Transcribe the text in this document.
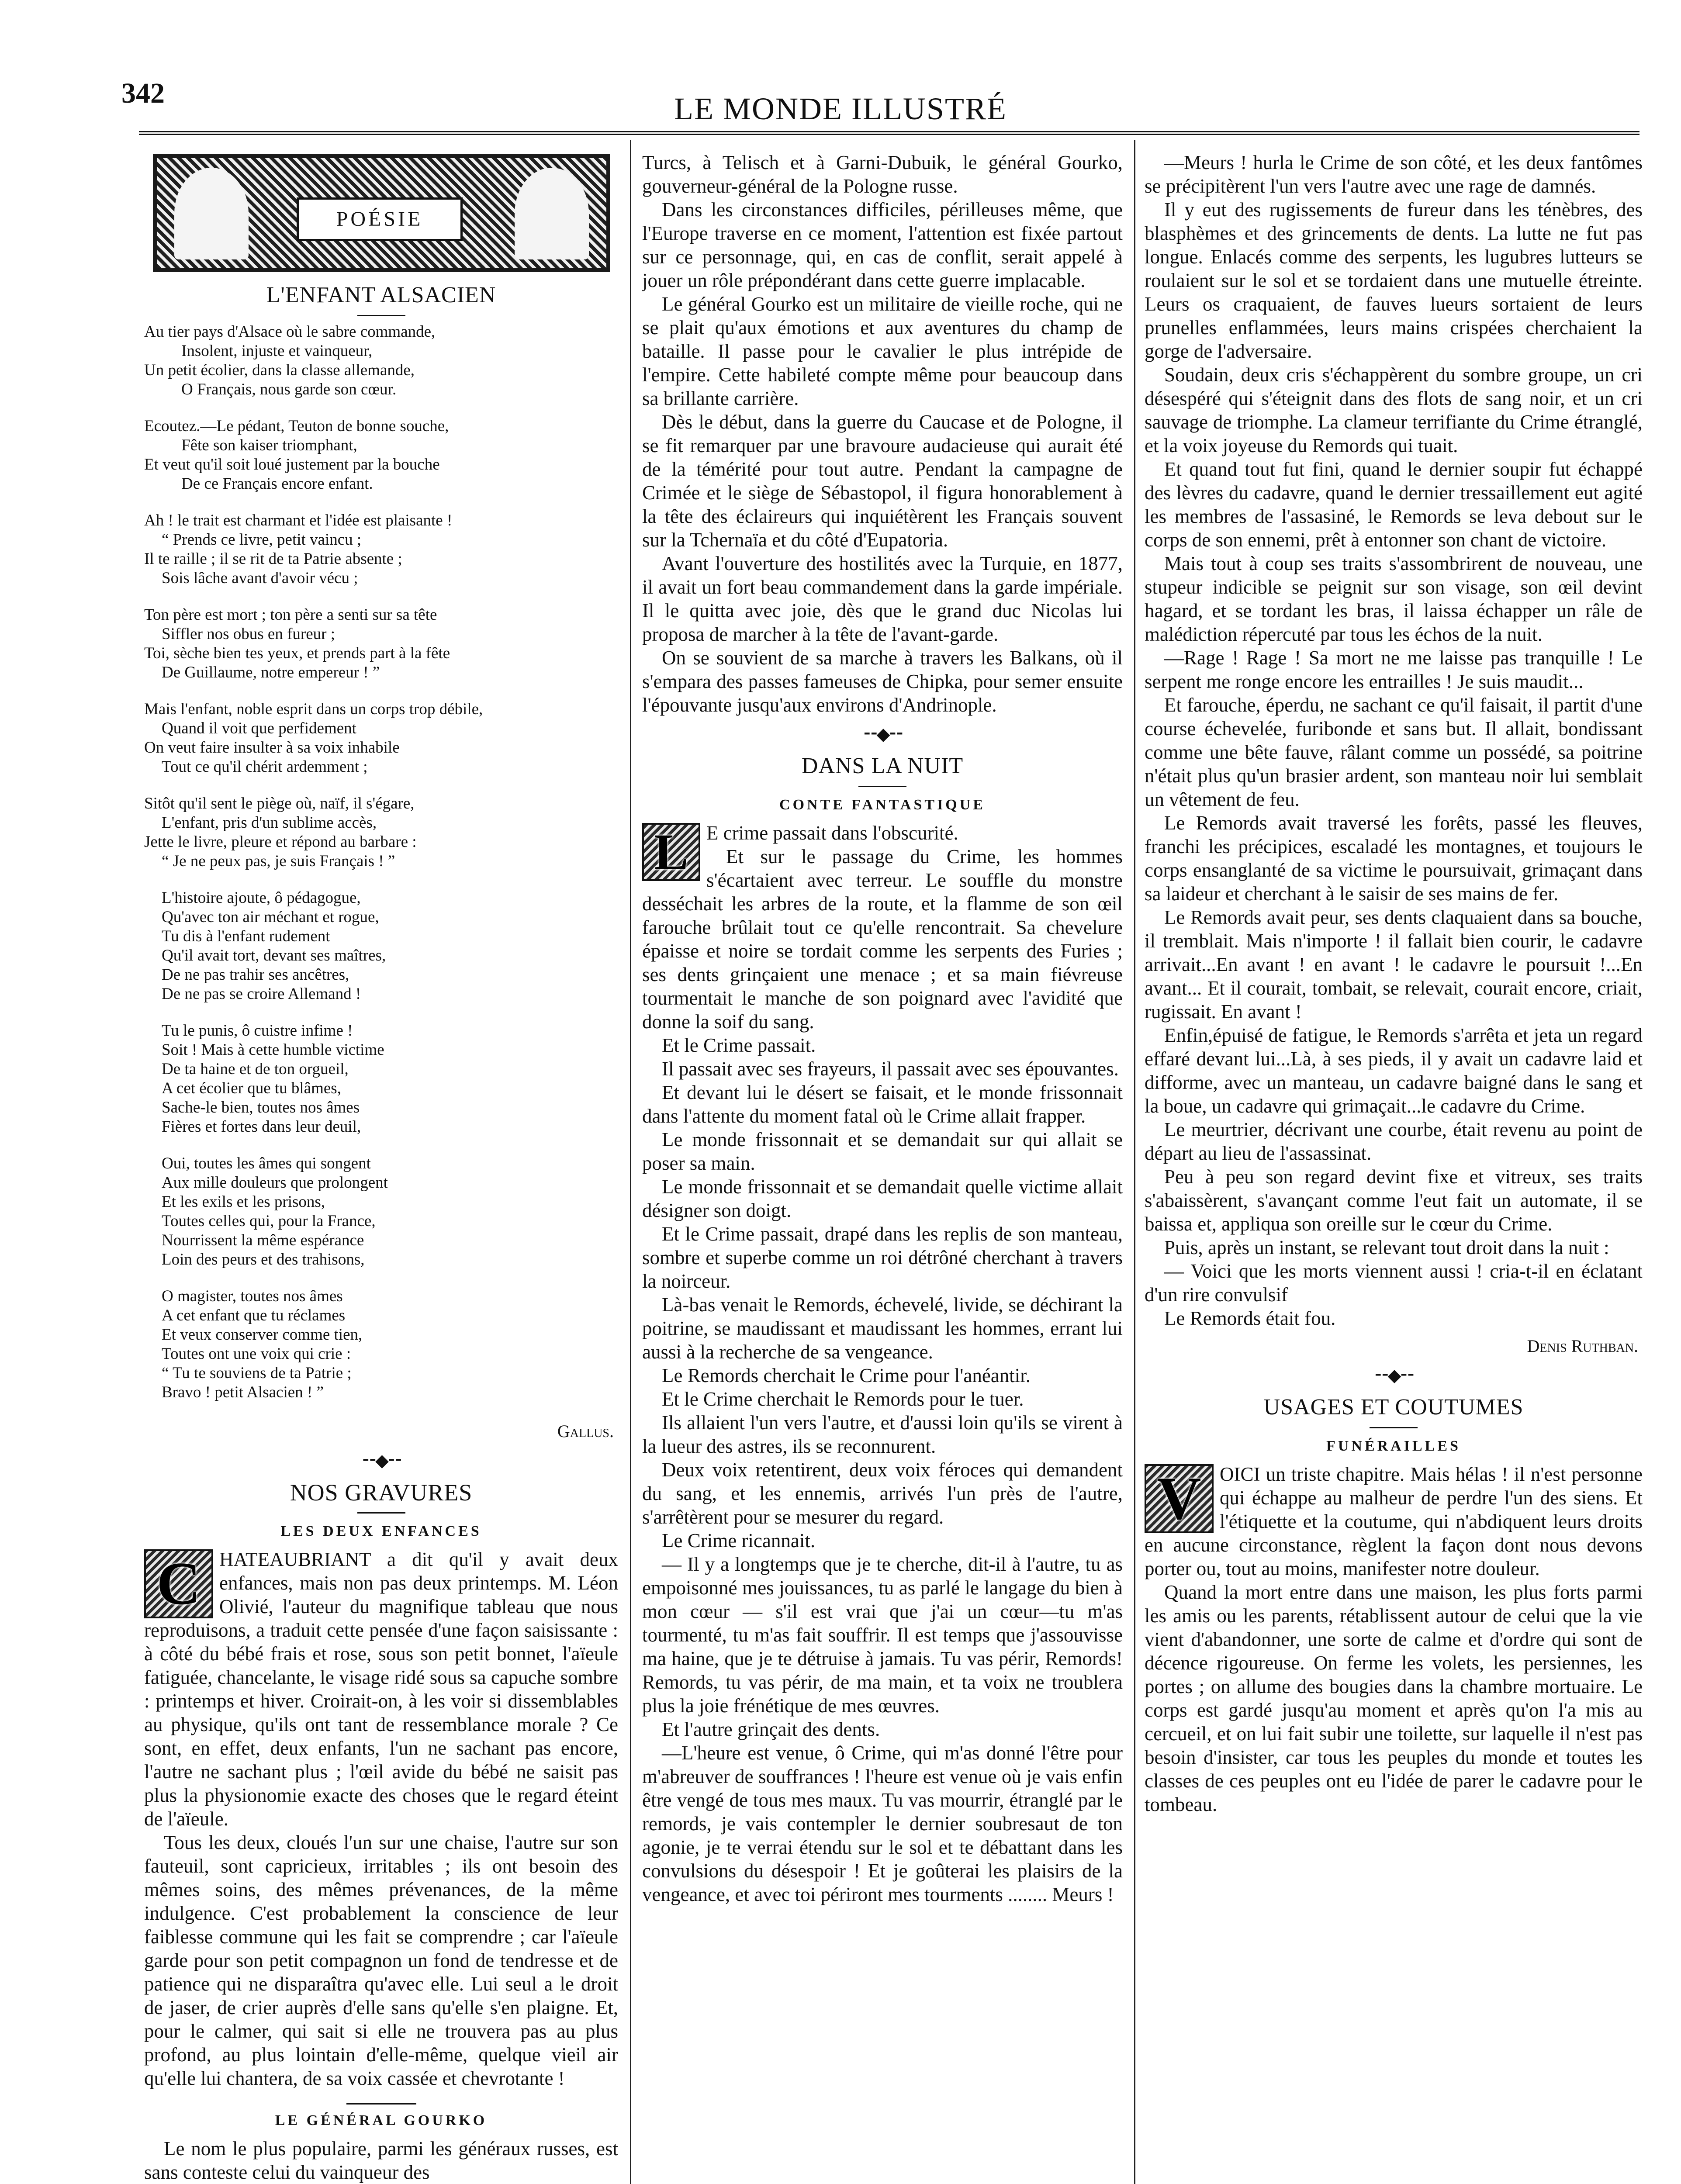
342	LE MONDE ILLUSTRÉ
POÉSIE
L'ENFANT ALSACIEN

Au tier pays d'Alsace où le sabre commande,

Insolent, injuste et vainqueur,

Un petit écolier, dans la classe allemande,

O Français, nous garde son cœur.

Ecoutez.—Le pédant, Teuton de bonne souche,

Fête son kaiser triomphant,

Et veut qu'il soit loué justement par la bouche

De ce Français encore enfant.

Ah ! le trait est charmant et l'idée est plaisante !

“ Prends ce livre, petit vaincu ;

Il te raille ; il se rit de ta Patrie absente ;

Sois lâche avant d'avoir vécu ;

Ton père est mort ; ton père a senti sur sa tête

Siffler nos obus en fureur ;

Toi, sèche bien tes yeux, et prends part à la fête

De Guillaume, notre empereur ! ”

Mais l'enfant, noble esprit dans un corps trop débile,

Quand il voit que perfidement

On veut faire insulter à sa voix inhabile

Tout ce qu'il chérit ardemment ;

Sitôt qu'il sent le piège où, naïf, il s'égare,

L'enfant, pris d'un sublime accès,

Jette le livre, pleure et répond au barbare :

“ Je ne peux pas, je suis Français ! ”

L'histoire ajoute, ô pédagogue,

Qu'avec ton air méchant et rogue,

Tu dis à l'enfant rudement

Qu'il avait tort, devant ses maîtres,

De ne pas trahir ses ancêtres,

De ne pas se croire Allemand !

Tu le punis, ô cuistre infime !

Soit ! Mais à cette humble victime

De ta haine et de ton orgueil,

A cet écolier que tu blâmes,

Sache-le bien, toutes nos âmes

Fières et fortes dans leur deuil,

Oui, toutes les âmes qui songent

Aux mille douleurs que prolongent

Et les exils et les prisons,

Toutes celles qui, pour la France,

Nourrissent la même espérance

Loin des peurs et des trahisons,

O magister, toutes nos âmes

A cet enfant que tu réclames

Et veux conserver comme tien,

Toutes ont une voix qui crie :

“ Tu te souviens de ta Patrie ;

Bravo ! petit Alsacien ! ”

Gallus.
⁃⁃◆⁃⁃
NOS GRAVURES
LES DEUX ENFANCES
C HATEAUBRIANT a dit qu'il y avait deux enfances, mais non pas deux printemps. M. Léon Olivié, l'auteur du magnifique tableau que nous reproduisons, a traduit cette pensée d'une façon saisissante : à côté du bébé frais et rose, sous son petit bonnet, l'aïeule fatiguée, chancelante, le visage ridé sous sa capuche sombre : printemps et hiver. Croirait-on, à les voir si dissemblables au physique, qu'ils ont tant de ressemblance morale ? Ce sont, en effet, deux enfants, l'un ne sachant pas encore, l'autre ne sachant plus ; l'œil avide du bébé ne saisit pas plus la physionomie exacte des choses que le regard éteint de l'aïeule.

Tous les deux, cloués l'un sur une chaise, l'autre sur son fauteuil, sont capricieux, irritables ; ils ont besoin des mêmes soins, des mêmes prévenances, de la même indulgence. C'est probablement la conscience de leur faiblesse commune qui les fait se comprendre ; car l'aïeule garde pour son petit compagnon un fond de tendresse et de patience qui ne disparaîtra qu'avec elle. Lui seul a le droit de jaser, de crier auprès d'elle sans qu'elle s'en plaigne. Et, pour le calmer, qui sait si elle ne trouvera pas au plus profond, au plus lointain d'elle-même, quelque vieil air qu'elle lui chantera, de sa voix cassée et chevrotante !

LE GÉNÉRAL GOURKO

Le nom le plus populaire, parmi les généraux russes, est sans conteste celui du vainqueur des

Turcs, à Telisch et à Garni-Dubuik, le général Gourko, gouverneur-général de la Pologne russe.

Dans les circonstances difficiles, périlleuses même, que l'Europe traverse en ce moment, l'attention est fixée partout sur ce personnage, qui, en cas de conflit, serait appelé à jouer un rôle prépondérant dans cette guerre implacable.

Le général Gourko est un militaire de vieille roche, qui ne se plait qu'aux émotions et aux aventures du champ de bataille. Il passe pour le cavalier le plus intrépide de l'empire. Cette habileté compte même pour beaucoup dans sa brillante carrière.

Dès le début, dans la guerre du Caucase et de Pologne, il se fit remarquer par une bravoure audacieuse qui aurait été de la témérité pour tout autre. Pendant la campagne de Crimée et le siège de Sébastopol, il figura honorablement à la tête des éclaireurs qui inquiétèrent les Français souvent sur la Tchernaïa et du côté d'Eupatoria.

Avant l'ouverture des hostilités avec la Turquie, en 1877, il avait un fort beau commandement dans la garde impériale. Il le quitta avec joie, dès que le grand duc Nicolas lui proposa de marcher à la tête de l'avant-garde.

On se souvient de sa marche à travers les Balkans, où il s'empara des passes fameuses de Chipka, pour semer ensuite l'épouvante jusqu'aux environs d'Andrinople.

⁃⁃◆⁃⁃
DANS LA NUIT
CONTE FANTASTIQUE
L E crime passait dans l'obscurité.

Et sur le passage du Crime, les hommes s'écartaient avec terreur. Le souffle du monstre desséchait les arbres de la route, et la flamme de son œil farouche brûlait tout ce qu'elle rencontrait. Sa chevelure épaisse et noire se tordait comme les serpents des Furies ; ses dents grinçaient une menace ; et sa main fiévreuse tourmentait le manche de son poignard avec l'avidité que donne la soif du sang.

Et le Crime passait.

Il passait avec ses frayeurs, il passait avec ses épouvantes.

Et devant lui le désert se faisait, et le monde frissonnait dans l'attente du moment fatal où le Crime allait frapper.

Le monde frissonnait et se demandait sur qui allait se poser sa main.

Le monde frissonnait et se demandait quelle victime allait désigner son doigt.

Et le Crime passait, drapé dans les replis de son manteau, sombre et superbe comme un roi détrôné cherchant à travers la noirceur.

Là-bas venait le Remords, échevelé, livide, se déchirant la poitrine, se maudissant et maudissant les hommes, errant lui aussi à la recherche de sa vengeance.

Le Remords cherchait le Crime pour l'anéantir.

Et le Crime cherchait le Remords pour le tuer.

Ils allaient l'un vers l'autre, et d'aussi loin qu'ils se virent à la lueur des astres, ils se reconnurent.

Deux voix retentirent, deux voix féroces qui demandent du sang, et les ennemis, arrivés l'un près de l'autre, s'arrêtèrent pour se mesurer du regard.

Le Crime ricannait.

— Il y a longtemps que je te cherche, dit-il à l'autre, tu as empoisonné mes jouissances, tu as parlé le langage du bien à mon cœur — s'il est vrai que j'ai un cœur—tu m'as tourmenté, tu m'as fait souffrir. Il est temps que j'assouvisse ma haine, que je te détruise à jamais. Tu vas périr, Remords! Remords, tu vas périr, de ma main, et ta voix ne troublera plus la joie frénétique de mes œuvres.

Et l'autre grinçait des dents.

—L'heure est venue, ô Crime, qui m'as donné l'être pour m'abreuver de souffrances ! l'heure est venue où je vais enfin être vengé de tous mes maux. Tu vas mourrir, étranglé par le remords, je vais contempler le dernier soubresaut de ton agonie, je te verrai étendu sur le sol et te débattant dans les convulsions du désespoir ! Et je goûterai les plaisirs de la vengeance, et avec toi périront mes tourments ........ Meurs !

—Meurs ! hurla le Crime de son côté, et les deux fantômes se précipitèrent l'un vers l'autre avec une rage de damnés.

Il y eut des rugissements de fureur dans les ténèbres, des blasphèmes et des grincements de dents. La lutte ne fut pas longue. Enlacés comme des serpents, les lugubres lutteurs se roulaient sur le sol et se tordaient dans une mutuelle étreinte. Leurs os craquaient, de fauves lueurs sortaient de leurs prunelles enflammées, leurs mains crispées cherchaient la gorge de l'adversaire.

Soudain, deux cris s'échappèrent du sombre groupe, un cri désespéré qui s'éteignit dans des flots de sang noir, et un cri sauvage de triomphe. La clameur terrifiante du Crime étranglé, et la voix joyeuse du Remords qui tuait.

Et quand tout fut fini, quand le dernier soupir fut échappé des lèvres du cadavre, quand le dernier tressaillement eut agité les membres de l'assasiné, le Remords se leva debout sur le corps de son ennemi, prêt à entonner son chant de victoire.

Mais tout à coup ses traits s'assombrirent de nouveau, une stupeur indicible se peignit sur son visage, son œil devint hagard, et se tordant les bras, il laissa échapper un râle de malédiction répercuté par tous les échos de la nuit.

—Rage ! Rage ! Sa mort ne me laisse pas tranquille ! Le serpent me ronge encore les entrailles ! Je suis maudit...

Et farouche, éperdu, ne sachant ce qu'il faisait, il partit d'une course échevelée, furibonde et sans but. Il allait, bondissant comme une bête fauve, râlant comme un possédé, sa poitrine n'était plus qu'un brasier ardent, son manteau noir lui semblait un vêtement de feu.

Le Remords avait traversé les forêts, passé les fleuves, franchi les précipices, escaladé les montagnes, et toujours le corps ensanglanté de sa victime le poursuivait, grimaçant dans sa laideur et cherchant à le saisir de ses mains de fer.

Le Remords avait peur, ses dents claquaient dans sa bouche, il tremblait. Mais n'importe ! il fallait bien courir, le cadavre arrivait...En avant ! en avant ! le cadavre le poursuit !...En avant... Et il courait, tombait, se relevait, courait encore, criait, rugissait. En avant !

Enfin,épuisé de fatigue, le Remords s'arrêta et jeta un regard effaré devant lui...Là, à ses pieds, il y avait un cadavre laid et difforme, avec un manteau, un cadavre baigné dans le sang et la boue, un cadavre qui grimaçait...le cadavre du Crime.

Le meurtrier, décrivant une courbe, était revenu au point de départ au lieu de l'assassinat.

Peu à peu son regard devint fixe et vitreux, ses traits s'abaissèrent, s'avançant comme l'eut fait un automate, il se baissa et, appliqua son oreille sur le cœur du Crime.

Puis, après un instant, se relevant tout droit dans la nuit :

— Voici que les morts viennent aussi ! cria-t-il en éclatant d'un rire convulsif

Le Remords était fou.

Denis Ruthban.
⁃⁃◆⁃⁃
USAGES ET COUTUMES
FUNÉRAILLES
V OICI un triste chapitre. Mais hélas ! il n'est personne qui échappe au malheur de perdre l'un des siens. Et l'étiquette et la coutume, qui n'abdiquent leurs droits en aucune circonstance, règlent la façon dont nous devons porter ou, tout au moins, manifester notre douleur.

Quand la mort entre dans une maison, les plus forts parmi les amis ou les parents, rétablissent autour de celui que la vie vient d'abandonner, une sorte de calme et d'ordre qui sont de décence rigoureuse. On ferme les volets, les persiennes, les portes ; on allume des bougies dans la chambre mortuaire. Le corps est gardé jusqu'au moment et après qu'on l'a mis au cercueil, et on lui fait subir une toilette, sur laquelle il n'est pas besoin d'insister, car tous les peuples du monde et toutes les classes de ces peuples ont eu l'idée de parer le cadavre pour le tombeau.
